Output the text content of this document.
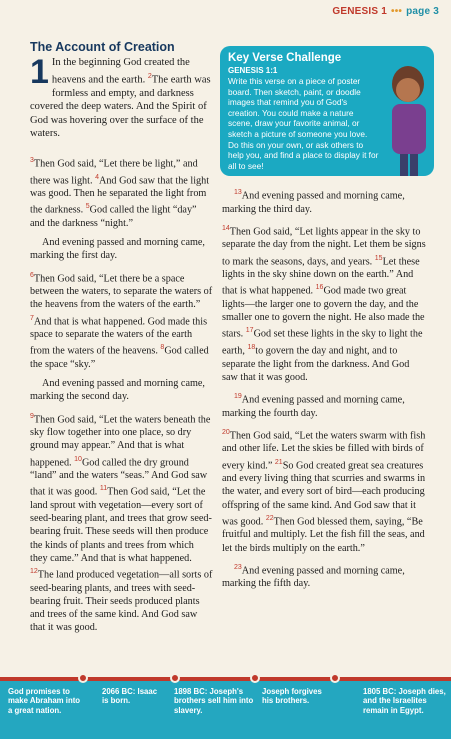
GENESIS 1 ••• page 3
The Account of Creation
1 In the beginning God created the heavens and the earth. $^2$The earth was formless and empty, and darkness covered the deep waters. And the Spirit of God was hovering over the surface of the waters.
Key Verse Challenge
GENESIS 1:1
Write this verse on a piece of poster board. Then sketch, paint, or doodle images that remind you of God's creation. You could make a nature scene, draw your favorite animal, or sketch a picture of someone you love. Do this on your own, or ask others to help you, and find a place to display it for all to see!

$^3$Then God said, “Let there be light,” and there was light. $^4$And God saw that the light was good. Then he separated the light from the darkness. $^5$God called the light “day” and the darkness “night.”

And evening passed and morning came, marking the first day.

$^6$Then God said, “Let there be a space between the waters, to separate the waters of the heavens from the waters of the earth.” $^7$And that is what happened. God made this space to separate the waters of the earth from the waters of the heavens. $^8$God called the space “sky.”

And evening passed and morning came, marking the second day.

$^9$Then God said, “Let the waters beneath the sky flow together into one place, so dry ground may appear.” And that is what happened. $^{10}$God called the dry ground “land” and the waters “seas.” And God saw that it was good. $^{11}$Then God said, “Let the land sprout with vegetation—every sort of seed-bearing plant, and trees that grow seed-bearing fruit. These seeds will then produce the kinds of plants and trees from which they came.” And that is what happened. $^{12}$The land produced vegetation—all sorts of seed-bearing plants, and trees with seed-bearing fruit. Their seeds produced plants and trees of the same kind. And God saw that it was good.

$^{13}$And evening passed and morning came, marking the third day.

$^{14}$Then God said, “Let lights appear in the sky to separate the day from the night. Let them be signs to mark the seasons, days, and years. $^{15}$Let these lights in the sky shine down on the earth.” And that is what happened. $^{16}$God made two great lights—the larger one to govern the day, and the smaller one to govern the night. He also made the stars. $^{17}$God set these lights in the sky to light the earth, $^{18}$to govern the day and night, and to separate the light from the darkness. And God saw that it was good.

$^{19}$And evening passed and morning came, marking the fourth day.

$^{20}$Then God said, “Let the waters swarm with fish and other life. Let the skies be filled with birds of every kind.” $^{21}$So God created great sea creatures and every living thing that scurries and swarms in the water, and every sort of bird—each producing offspring of the same kind. And God saw that it was good. $^{22}$Then God blessed them, saying, “Be fruitful and multiply. Let the fish fill the seas, and let the birds multiply on the earth.”

$^{23}$And evening passed and morning came, marking the fifth day.

God promises to make Abraham into a great nation.
2066 BC: Isaac is born.
1898 BC: Joseph's brothers sell him into slavery.
Joseph forgives his brothers.
1805 BC: Joseph dies, and the Israelites remain in Egypt.
